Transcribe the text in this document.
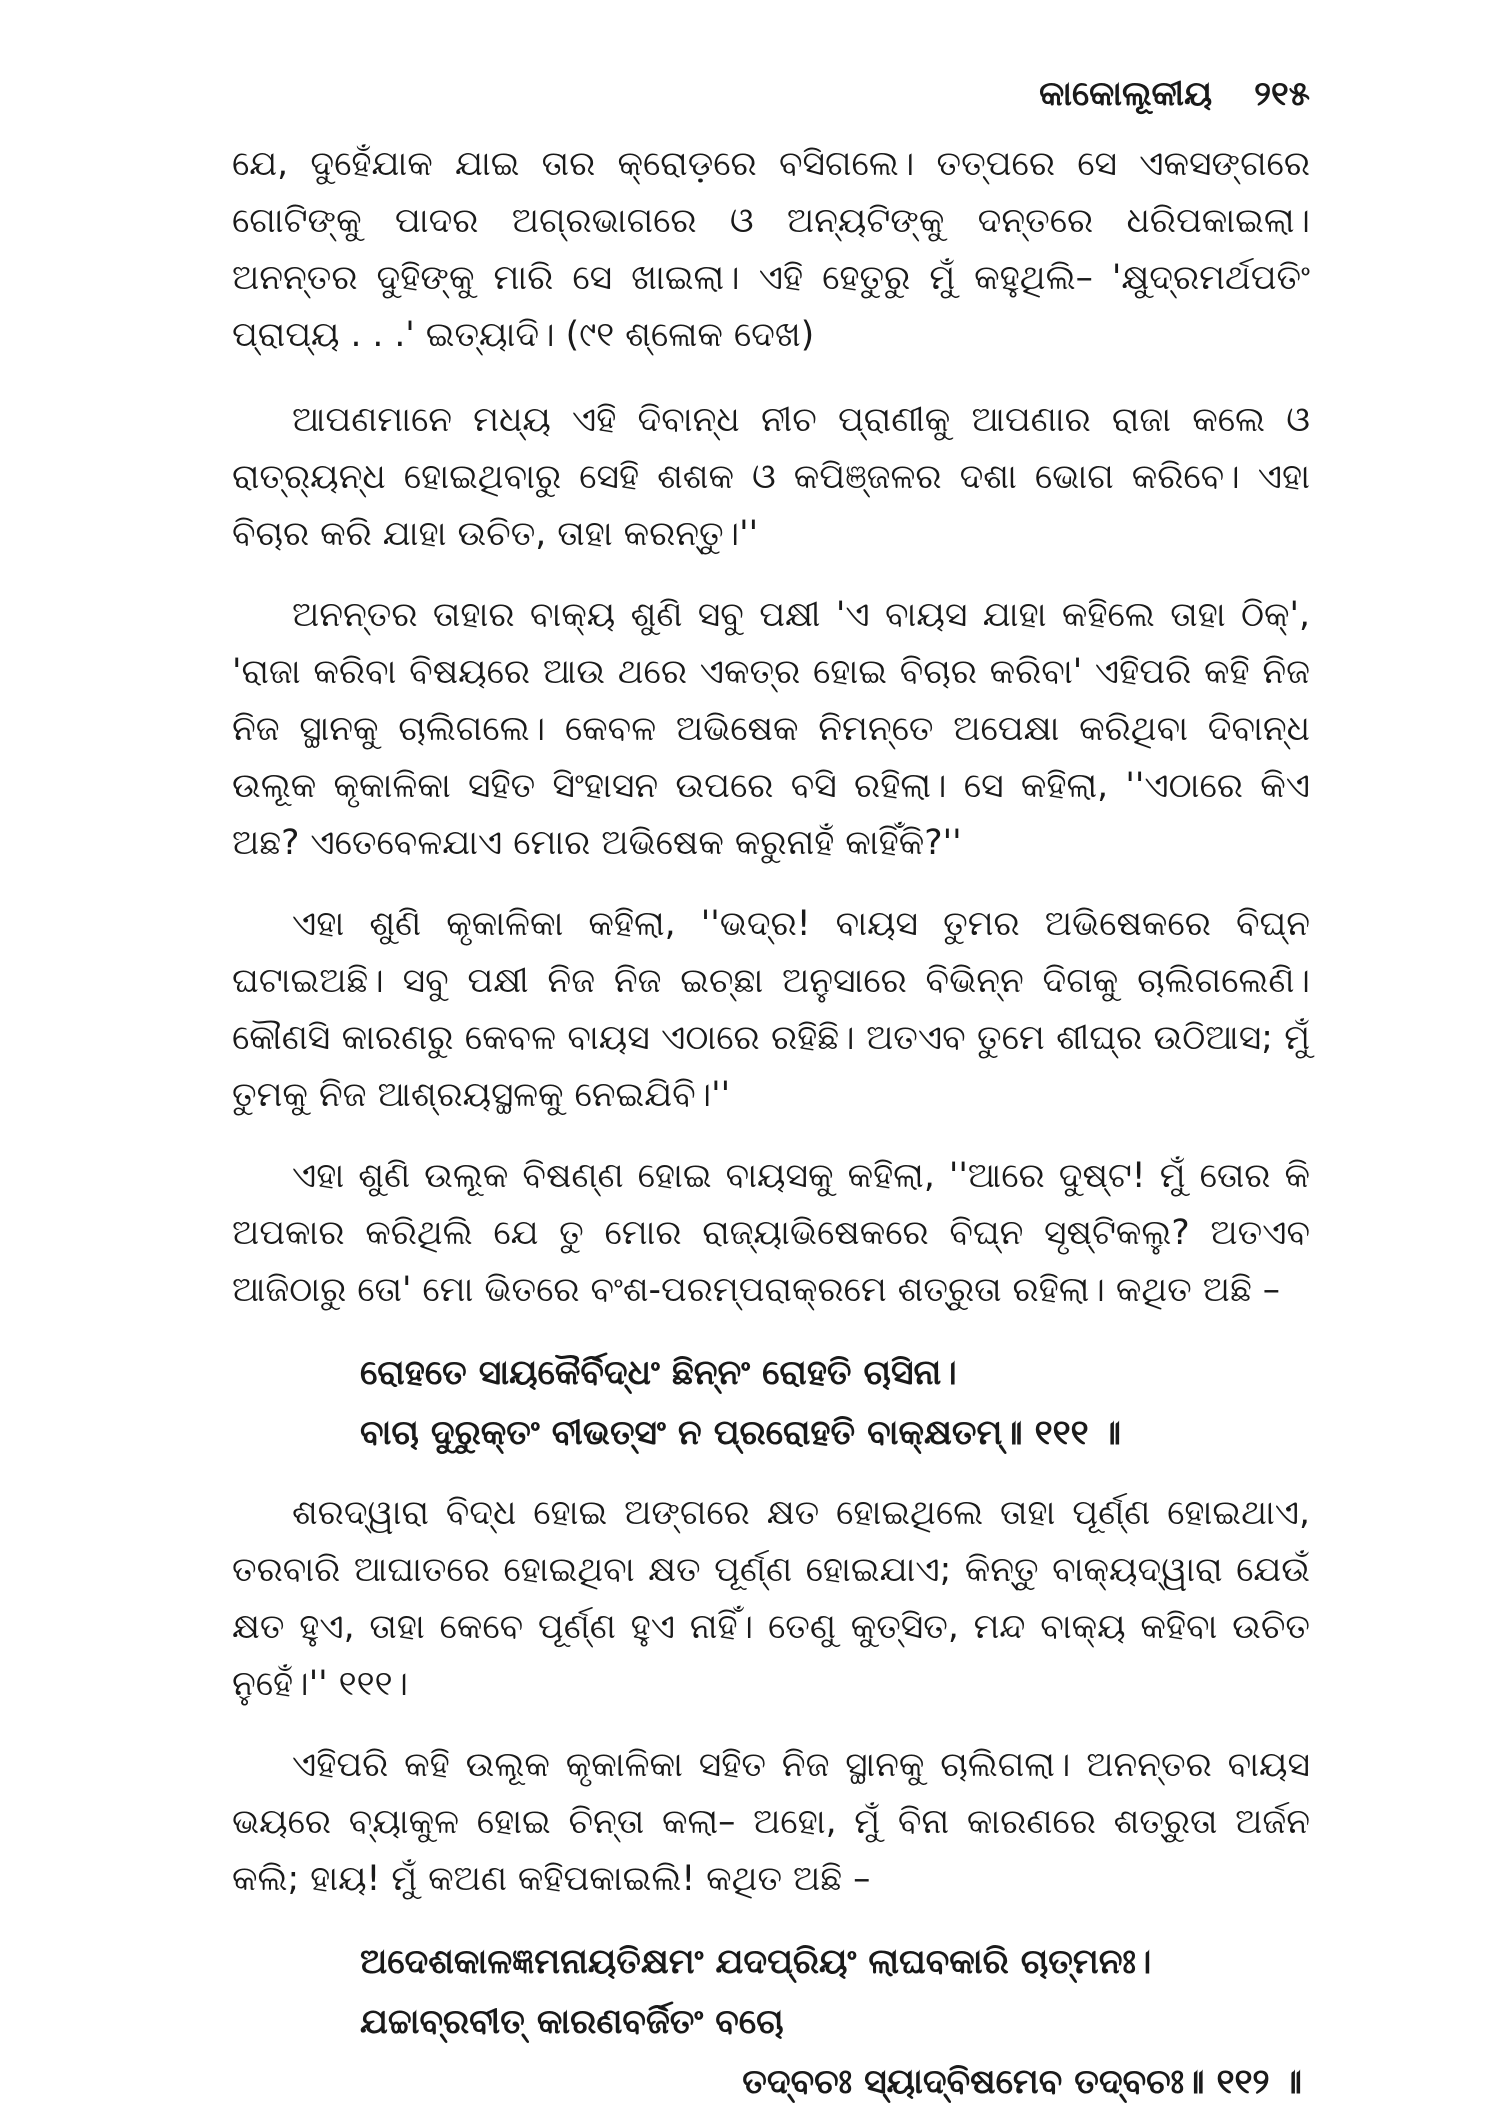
କାକୋଲୂକୀୟ ୨୧୫

ଯେ, ଦୁହେଁଯାକ ଯାଇ ତାର କ୍ରୋଡ଼ରେ ବସିଗଲେ। ତତ୍ପରେ ସେ ଏକସଙ୍ଗରେ ଗୋଟିଙ୍କୁ ପାଦର ଅଗ୍ରଭାଗରେ ଓ ଅନ୍ୟଟିଙ୍କୁ ଦନ୍ତରେ ଧରିପକାଇଲା। ଅନନ୍ତର ଦୁହିଙ୍କୁ ମାରି ସେ ଖାଇଲା। ଏହି ହେତୁରୁ ମୁଁ କହୁଥିଲି– 'କ୍ଷୁଦ୍ରମର୍ଥପତିଂ ପ୍ରାପ୍ୟ . . .' ଇତ୍ୟାଦି। (୯୧ ଶ୍ଳୋକ ଦେଖ)

ଆପଣମାନେ ମଧ୍ୟ ଏହି ଦିବାନ୍ଧ ନୀଚ ପ୍ରାଣୀକୁ ଆପଣାର ରାଜା କଲେ ଓ ରାତ୍ର୍ୟନ୍ଧ ହୋଇଥିବାରୁ ସେହି ଶଶକ ଓ କପିଞ୍ଜଳର ଦଶା ଭୋଗ କରିବେ। ଏହା ବିଚାର କରି ଯାହା ଉଚିତ, ତାହା କରନ୍ତୁ।''

ଅନନ୍ତର ତାହାର ବାକ୍ୟ ଶୁଣି ସବୁ ପକ୍ଷୀ 'ଏ ବାୟସ ଯାହା କହିଲେ ତାହା ଠିକ୍', 'ରାଜା କରିବା ବିଷୟରେ ଆଉ ଥରେ ଏକତ୍ର ହୋଇ ବିଚାର କରିବା' ଏହିପରି କହି ନିଜ ନିଜ ସ୍ଥାନକୁ ଚାଲିଗଲେ। କେବଳ ଅଭିଷେକ ନିମନ୍ତେ ଅପେକ୍ଷା କରିଥିବା ଦିବାନ୍ଧ ଉଲୂକ କୃକାଳିକା ସହିତ ସିଂହାସନ ଉପରେ ବସି ରହିଲା। ସେ କହିଲା, ''ଏଠାରେ କିଏ ଅଛ? ଏତେବେଳଯାଏ ମୋର ଅଭିଷେକ କରୁନାହଁ କାହିଁକି?''

ଏହା ଶୁଣି କୃକାଳିକା କହିଲା, ''ଭଦ୍ର! ବାୟସ ତୁମର ଅଭିଷେକରେ ବିଘ୍ନ ଘଟାଇଅଛି। ସବୁ ପକ୍ଷୀ ନିଜ ନିଜ ଇଚ୍ଛା ଅନୁସାରେ ବିଭିନ୍ନ ଦିଗକୁ ଚାଲିଗଲେଣି। କୌଣସି କାରଣରୁ କେବଳ ବାୟସ ଏଠାରେ ରହିଛି। ଅତଏବ ତୁମେ ଶୀଘ୍ର ଉଠିଆସ; ମୁଁ ତୁମକୁ ନିଜ ଆଶ୍ରୟସ୍ଥଳକୁ ନେଇଯିବି।''

ଏହା ଶୁଣି ଉଲୂକ ବିଷଣ୍ଣ ହୋଇ ବାୟସକୁ କହିଲା, ''ଆରେ ଦୁଷ୍ଟ! ମୁଁ ତୋର କି ଅପକାର କରିଥିଲି ଯେ ତୁ ମୋର ରାଜ୍ୟାଭିଷେକରେ ବିଘ୍ନ ସୃଷ୍ଟିକଲୁ? ଅତଏବ ଆଜିଠାରୁ ତୋ' ମୋ ଭିତରେ ବଂଶ-ପରମ୍ପରାକ୍ରମେ ଶତ୍ରୁତା ରହିଲା। କଥିତ ଅଛି –

ରୋହତେ ସାୟକୈର୍ବିଦ୍ଧଂ ଛିନ୍ନଂ ରୋହତି ଚାସିନା।
ବାଚା ଦୁରୁକ୍ତଂ ବୀଭତ୍ସଂ ନ ପ୍ରରୋହତି ବାକ୍କ୍ଷତମ୍॥ ୧୧୧ ॥

ଶରଦ୍ୱାରା ବିଦ୍ଧ ହୋଇ ଅଙ୍ଗରେ କ୍ଷତ ହୋଇଥିଲେ ତାହା ପୂର୍ଣ୍ଣ ହୋଇଥାଏ, ତରବାରି ଆଘାତରେ ହୋଇଥିବା କ୍ଷତ ପୂର୍ଣ୍ଣ ହୋଇଯାଏ; କିନ୍ତୁ ବାକ୍ୟଦ୍ୱାରା ଯେଉଁ କ୍ଷତ ହୁଏ, ତାହା କେବେ ପୂର୍ଣ୍ଣ ହୁଏ ନାହିଁ। ତେଣୁ କୁତ୍ସିତ, ମନ୍ଦ ବାକ୍ୟ କହିବା ଉଚିତ ନୁହେଁ।'' ୧୧୧।

ଏହିପରି କହି ଉଲୂକ କୃକାଳିକା ସହିତ ନିଜ ସ୍ଥାନକୁ ଚାଲିଗଲା। ଅନନ୍ତର ବାୟସ ଭୟରେ ବ୍ୟାକୁଳ ହୋଇ ଚିନ୍ତା କଲା– ଅହୋ, ମୁଁ ବିନା କାରଣରେ ଶତ୍ରୁତା ଅର୍ଜନ କଲି; ହାୟ! ମୁଁ କଅଣ କହିପକାଇଲି! କଥିତ ଅଛି –

ଅଦେଶକାଳଜ୍ଞମନାୟତିକ୍ଷମଂ ଯଦପ୍ରିୟଂ ଲାଘବକାରି ଚାତ୍ମନଃ।
ଯଚ୍ଚାବ୍ରବୀତ୍ କାରଣବର୍ଜିତଂ ବଚୋ
ତଦ୍ବଚଃ ସ୍ୟାଦ୍ବିଷମେବ ତଦ୍ବଚଃ॥ ୧୧୨ ॥
